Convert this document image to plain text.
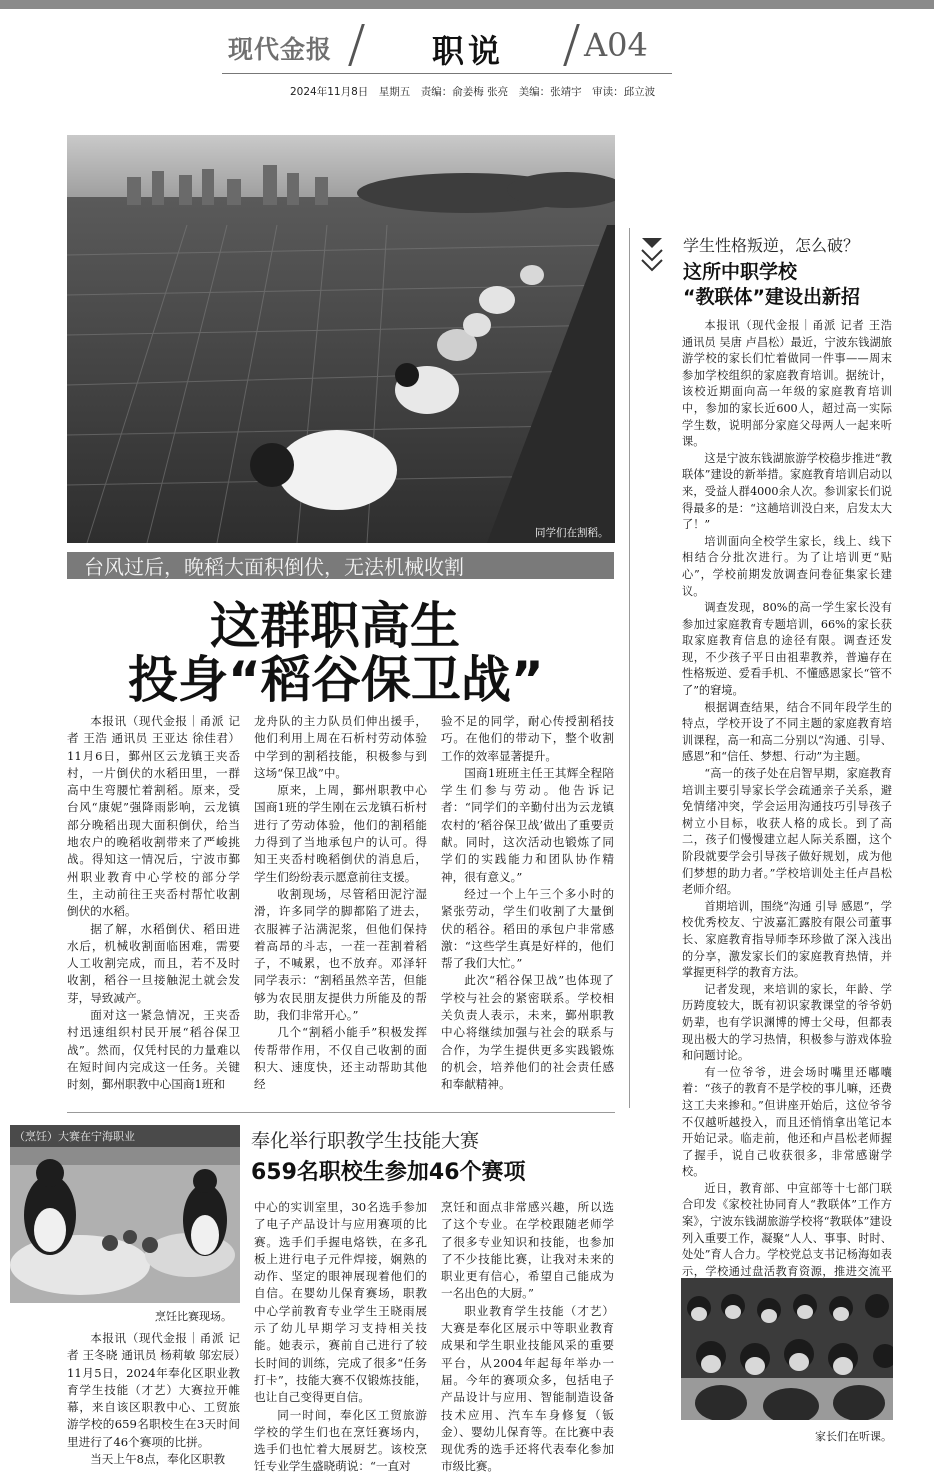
现代金报	职说 A04
2024年11月8日　星期五　责编：俞姜梅 张亮　美编：张靖宇　审读：邱立波
同学们在割稻。
台风过后，晚稻大面积倒伏，无法机械收割
这群职高生
投身“稻谷保卫战”

本报讯（现代金报｜甬派 记者 王浩 通讯员 王亚达 徐佳君）11月6日，鄞州区云龙镇王夹岙村，一片倒伏的水稻田里，一群高中生弯腰忙着割稻。原来，受台风“康妮”强降雨影响，云龙镇部分晚稻出现大面积倒伏，给当地农户的晚稻收割带来了严峻挑战。得知这一情况后，宁波市鄞州职业教育中心学校的部分学生，主动前往王夹岙村帮忙收割倒伏的水稻。

据了解，水稻倒伏、稻田进水后，机械收割面临困难，需要人工收割完成，而且，若不及时收割，稻谷一旦接触泥土就会发芽，导致减产。

面对这一紧急情况，王夹岙村迅速组织村民开展“稻谷保卫战”。然而，仅凭村民的力量难以在短时间内完成这一任务。关键时刻，鄞州职教中心国商1班和

龙舟队的主力队员们伸出援手，他们利用上周在石析村劳动体验中学到的割稻技能，积极参与到这场“保卫战”中。

原来，上周，鄞州职教中心国商1班的学生刚在云龙镇石析村进行了劳动体验，他们的割稻能力得到了当地承包户的认可。得知王夹岙村晚稻倒伏的消息后，学生们纷纷表示愿意前往支援。

收割现场，尽管稻田泥泞湿滑，许多同学的脚都陷了进去，衣服裤子沾满泥浆，但他们保持着高昂的斗志，一茬一茬割着稻子，不喊累，也不放弃。邓泽轩同学表示：“割稻虽然辛苦，但能够为农民朋友提供力所能及的帮助，我们非常开心。”

几个“割稻小能手”积极发挥传帮带作用，不仅自己收割的面积大、速度快，还主动帮助其他经

验不足的同学，耐心传授割稻技巧。在他们的带动下，整个收割工作的效率显著提升。

国商1班班主任王其辉全程陪学生们参与劳动。他告诉记者：“同学们的辛勤付出为云龙镇农村的‘稻谷保卫战’做出了重要贡献。同时，这次活动也锻炼了同学们的实践能力和团队协作精神，很有意义。”

经过一个上午三个多小时的紧张劳动，学生们收割了大量倒伏的稻谷。稻田的承包户非常感激：“这些学生真是好样的，他们帮了我们大忙。”

此次“稻谷保卫战”也体现了学校与社会的紧密联系。学校相关负责人表示，未来，鄞州职教中心将继续加强与社会的联系与合作，为学生提供更多实践锻炼的机会，培养他们的社会责任感和奉献精神。

学生性格叛逆，怎么破？
这所中职学校
“教联体”建设出新招

本报讯（现代金报｜甬派 记者 王浩 通讯员 吴唐 卢昌松）最近，宁波东钱湖旅游学校的家长们忙着做同一件事——周末参加学校组织的家庭教育培训。据统计，该校近期面向高一年级的家庭教育培训中，参加的家长近600人，超过高一实际学生数，说明部分家庭父母两人一起来听课。

这是宁波东钱湖旅游学校稳步推进“教联体”建设的新举措。家庭教育培训启动以来，受益人群4000余人次。参训家长们说得最多的是：“这趟培训没白来，启发太大了！”

培训面向全校学生家长，线上、线下相结合分批次进行。为了让培训更“贴心”，学校前期发放调查问卷征集家长建议。

调查发现，80%的高一学生家长没有参加过家庭教育专题培训，66%的家长获取家庭教育信息的途径有限。调查还发现，不少孩子平日由祖辈教养，普遍存在性格叛逆、爱看手机、不懂感恩家长“管不了”的窘境。

根据调查结果，结合不同年段学生的特点，学校开设了不同主题的家庭教育培训课程，高一和高二分别以“沟通、引导、感恩”和“信任、梦想、行动”为主题。

“高一的孩子处在启智早期，家庭教育培训主要引导家长学会疏通亲子关系，避免情绪冲突，学会运用沟通技巧引导孩子树立小目标，收获人格的成长。到了高二，孩子们慢慢建立起人际关系圈，这个阶段就要学会引导孩子做好规划，成为他们梦想的助力者。”学校培训处主任卢昌松老师介绍。

首期培训，围绕“沟通 引导 感恩”，学校优秀校友、宁波嘉汇露胶有限公司董事长、家庭教育指导师李环珍做了深入浅出的分享，激发家长们的家庭教育热情，并掌握更科学的教育方法。

记者发现，来培训的家长，年龄、学历跨度较大，既有初识家教课堂的爷爷奶奶辈，也有学识渊博的博士父母，但都表现出极大的学习热情，积极参与游戏体验和问题讨论。

有一位爷爷，进会场时嘴里还嘟囔着：“孩子的教育不是学校的事儿嘛，还费这工夫来掺和。”但讲座开始后，这位爷爷不仅越听越投入，而且还悄悄拿出笔记本开始记录。临走前，他还和卢昌松老师握了握手，说自己收获很多，非常感谢学校。

近日，教育部、中宣部等十七部门联合印发《家校社协同育人“教联体”工作方案》，宁波东钱湖旅游学校将“教联体”建设列入重要工作，凝聚“人人、事事、时时、处处”育人合力。学校党总支书记杨海如表示，学校通过盘活教育资源，推进交流平

家长们在听课。
（烹饪）大赛在宁海职业
烹饪比赛现场。
奉化举行职教学生技能大赛
659名职校生参加46个赛项

本报讯（现代金报｜甬派 记者 王冬晓 通讯员 杨莉敏 邬宏辰）11月5日，2024年奉化区职业教育学生技能（才艺）大赛拉开帷幕，来自该区职教中心、工贸旅游学校的659名职校生在3天时间里进行了46个赛项的比拼。

当天上午8点，奉化区职教

中心的实训室里，30名选手参加了电子产品设计与应用赛项的比赛。选手们手握电烙铁，在多孔板上进行电子元件焊接，娴熟的动作、坚定的眼神展现着他们的自信。在婴幼儿保育赛场，职教中心学前教育专业学生王晓雨展示了幼儿早期学习支持相关技能。她表示，赛前自己进行了较长时间的训练，完成了很多“任务打卡”，技能大赛不仅锻炼技能，也让自己变得更自信。

同一时间，奉化区工贸旅游学校的学生们也在烹饪赛场内，选手们也忙着大展厨艺。该校烹饪专业学生盛晓萌说：“一直对

烹饪和面点非常感兴趣，所以选了这个专业。在学校跟随老师学了很多专业知识和技能，也参加了不少技能比赛，让我对未来的职业更有信心，希望自己能成为一名出色的大厨。”

职业教育学生技能（才艺）大赛是奉化区展示中等职业教育成果和学生职业技能风采的重要平台，从2004年起每年举办一届。今年的赛项众多，包括电子产品设计与应用、智能制造设备技术应用、汽车车身修复（钣金）、婴幼儿保育等。在比赛中表现优秀的选手还将代表奉化参加市级比赛。
